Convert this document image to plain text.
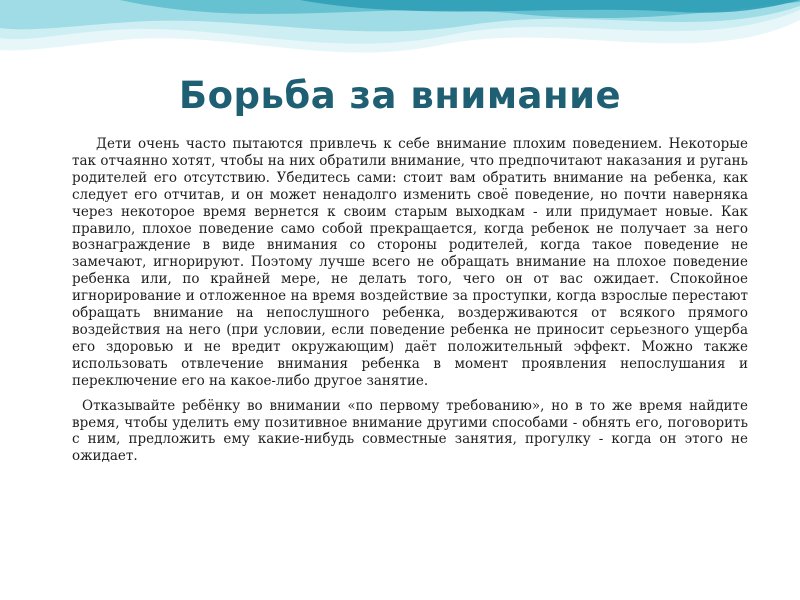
Борьба за внимание

Дети очень часто пытаются привлечь к себе внимание плохим поведением. Некоторые так отчаянно хотят, чтобы на них обратили внимание, что предпочитают наказания и ругань родителей его отсутствию. Убедитесь сами: стоит вам обратить внимание на ребенка, как следует его отчитав, и он может ненадолго изменить своё поведение, но почти наверняка через некоторое время вернется к своим старым выходкам - или придумает новые. Как правило, плохое поведение само собой прекращается, когда ребенок не получает за него вознаграждение в виде внимания со стороны родителей, когда такое поведение не замечают, игнорируют. Поэтому лучше всего не обращать внимание на плохое поведение ребенка или, по крайней мере, не делать того, чего он от вас ожидает. Спокойное игнорирование и отложенное на время воздействие за проступки, когда взрослые перестают обращать внимание на непослушного ребенка, воздерживаются от всякого прямого воздействия на него (при условии, если поведение ребенка не приносит серьезного ущерба его здоровью и не вредит окружающим) даёт положительный эффект. Можно также использовать отвлечение внимания ребенка в момент проявления непослушания и переключение его на какое-либо другое занятие.

Отказывайте ребёнку во внимании «по первому требованию», но в то же время найдите время, чтобы уделить ему позитивное внимание другими способами - обнять его, поговорить с ним, предложить ему какие-нибудь совместные занятия, прогулку - когда он этого не ожидает.
